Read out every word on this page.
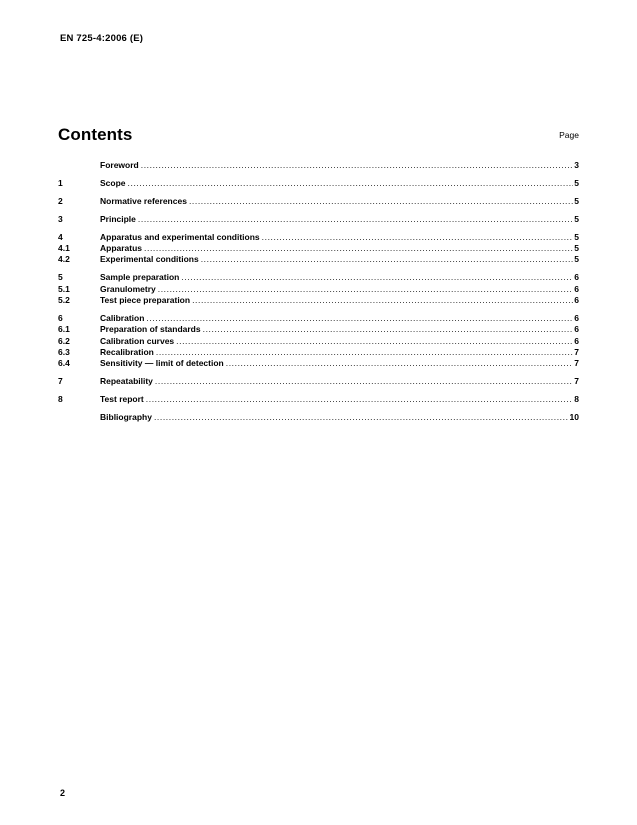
EN 725-4:2006 (E)
Contents	Page
Foreword .....	3
1	Scope .....	5
2	Normative references .....	5
3	Principle .....	5
4	Apparatus and experimental conditions .....	5
4.1	Apparatus .....	5
4.2	Experimental conditions .....	5
5	Sample preparation .....	6
5.1	Granulometry .....	6
5.2	Test piece preparation .....	6
6	Calibration .....	6
6.1	Preparation of standards .....	6
6.2	Calibration curves .....	6
6.3	Recalibration .....	7
6.4	Sensitivity — limit of detection .....	7
7	Repeatability .....	7
8	Test report .....	8
Bibliography .....	10
2
